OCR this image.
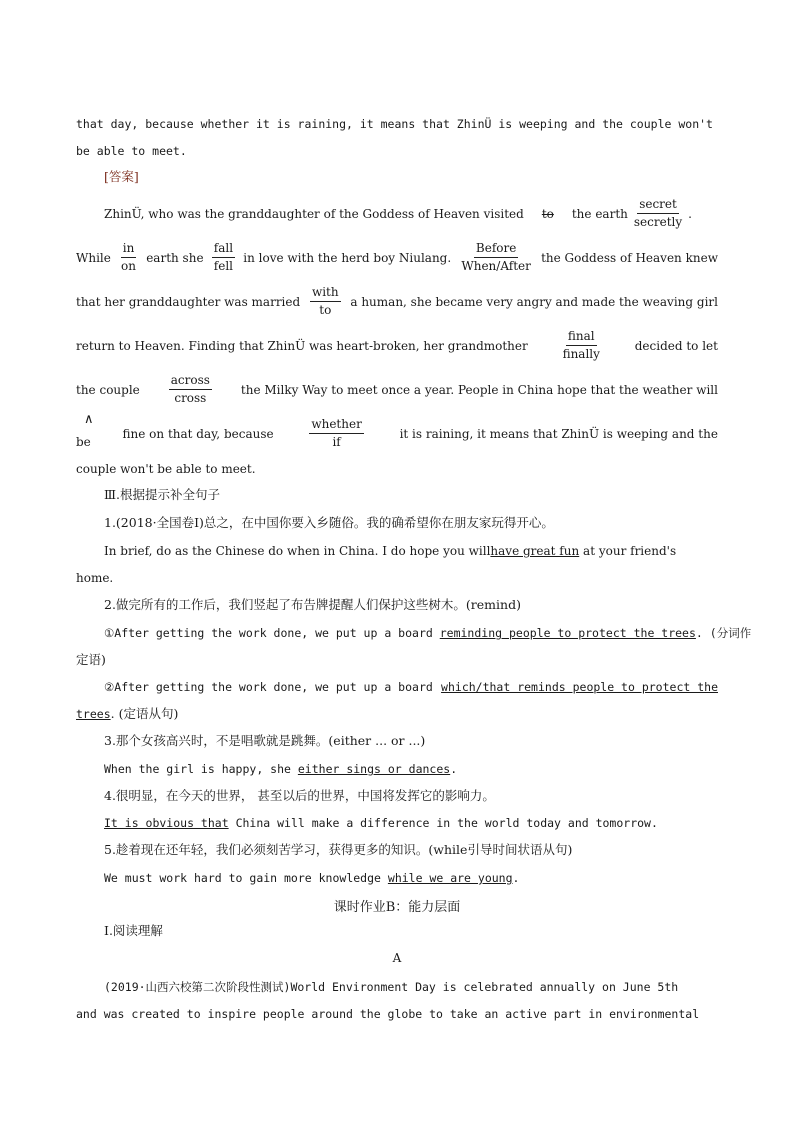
that day, because whether it is raining, it means that ZhinÜ is weeping and the couple won't
be able to meet.
[答案]
ZhinÜ, who was the granddaughter of the Goddess of Heaven visited	to	the earth
secret
secretly
.
While
in
on
earth she
fall
fell
in love with the herd boy Niulang.
Before
When/After
the Goddess of Heaven knew
that her granddaughter was married
with
to
a human, she became very angry and made the weaving girl
return to Heaven. Finding that ZhinÜ was heart-broken, her grandmother
final
finally
decided to let
the couple
across
cross
the Milky Way to meet once a year. People in China hope that the weather will
∧
be
fine on that day, because
whether
if
it is raining, it means that ZhinÜ is weeping and the
couple won't be able to meet.
Ⅲ.根据提示补全句子
1.(2018·全国卷Ⅰ)总之，在中国你要入乡随俗。我的确希望你在朋友家玩得开心。
In brief, do as the Chinese do when in China. I do hope you willhave great fun at your friend's
home.
2.做完所有的工作后，我们竖起了布告牌提醒人们保护这些树木。(remind)
①After getting the work done, we put up a board reminding people to protect the trees. (分词作
定语)
②After getting the work done, we put up a board which/that reminds people to protect the
trees. (定语从句)
3.那个女孩高兴时，不是唱歌就是跳舞。(either ... or ...)
When the girl is happy, she either sings or dances.
4.很明显，在今天的世界， 甚至以后的世界，中国将发挥它的影响力。
It is obvious that China will make a difference in the world today and tomorrow.
5.趁着现在还年轻，我们必须刻苦学习，获得更多的知识。(while引导时间状语从句)
We must work hard to gain more knowledge while we are young.
课时作业B：能力层面
Ⅰ.阅读理解
A
(2019·山西六校第二次阶段性测试)World Environment Day is celebrated annually on June 5th
and was created to inspire people around the globe to take an active part in environmental
